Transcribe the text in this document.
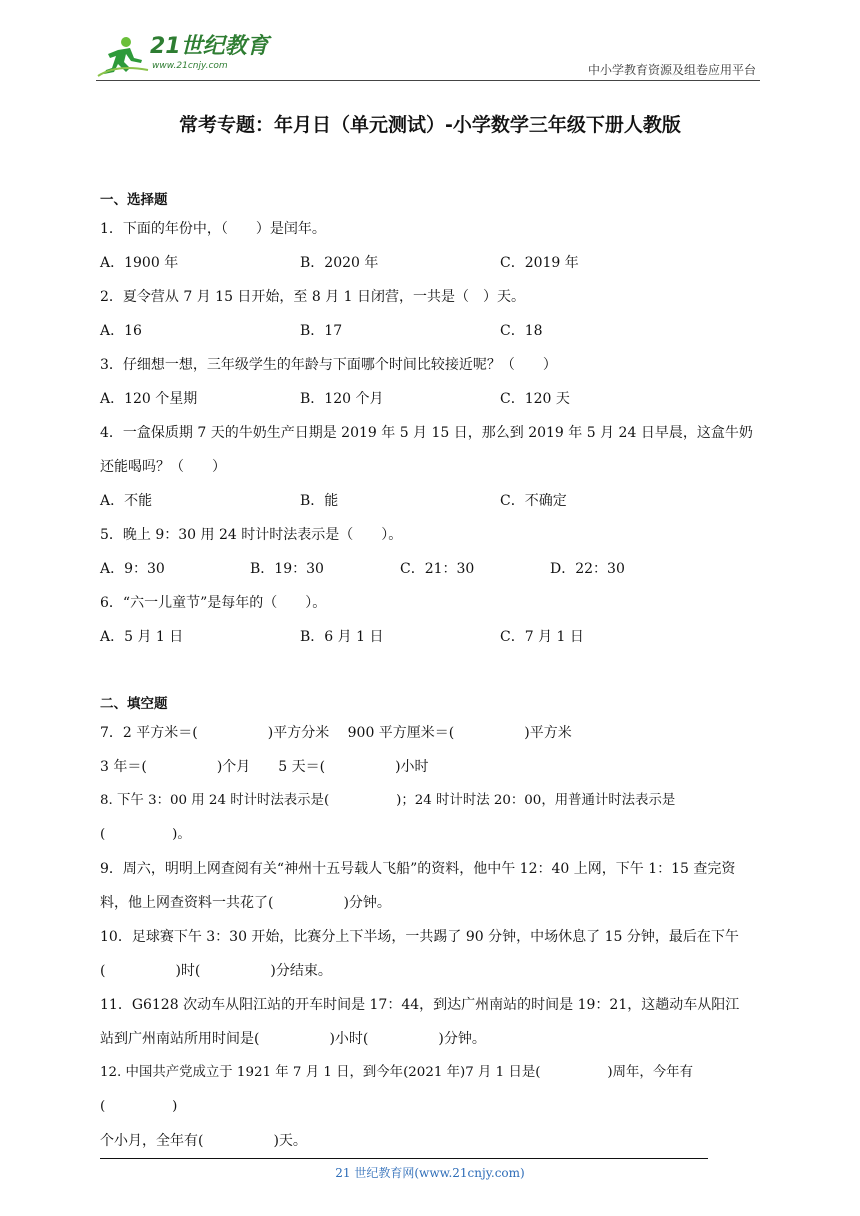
21世纪教育
www.21cnjy.com	中小学教育资源及组卷应用平台
常考专题：年月日（单元测试）-小学数学三年级下册人教版
一、选择题
1．下面的年份中，（　　）是闰年。
A．1900 年	B．2020 年	C．2019 年
2．夏令营从 7 月 15 日开始，至 8 月 1 日闭营，一共是（　）天。
A．16	B．17	C．18
3．仔细想一想，三年级学生的年龄与下面哪个时间比较接近呢？（　　）
A．120 个星期	B．120 个月	C．120 天
4．一盒保质期 7 天的牛奶生产日期是 2019 年 5 月 15 日，那么到 2019 年 5 月 24 日早晨，这盒牛奶
还能喝吗？（　　）
A．不能	B．能	C．不确定
5．晚上 9：30 用 24 时计时法表示是（　　）。
A．9：30	B．19：30	C．21：30	D．22：30
6．“六一儿童节”是每年的（　　）。
A．5 月 1 日	B．6 月 1 日	C．7 月 1 日
二、填空题
7．2 平方米＝(　　　　　)平方分米　 900 平方厘米＝(　　　　　)平方米
3 年＝(　　　　　)个月　　5 天＝(　　　　　)小时
8. 下午 3：00 用 24 时计时法表示是(　　　　　)；24 时计时法 20：00，用普通计时法表示是(　　　　　)。
9．周六，明明上网查阅有关“神州十五号载人飞船”的资料，他中午 12：40 上网，下午 1：15 查完资
料，他上网查资料一共花了(　　　　　)分钟。
10．足球赛下午 3：30 开始，比赛分上下半场，一共踢了 90 分钟，中场休息了 15 分钟，最后在下午
(　　　　　)时(　　　　　)分结束。
11．G6128 次动车从阳江站的开车时间是 17：44，到达广州南站的时间是 19：21，这趟动车从阳江
站到广州南站所用时间是(　　　　　)小时(　　　　　)分钟。
12. 中国共产党成立于 1921 年 7 月 1 日，到今年(2021 年)7 月 1 日是(　　　　　)周年，今年有(　　　　　)
个小月，全年有(　　　　　)天。
21 世纪教育网(www.21cnjy.com)
